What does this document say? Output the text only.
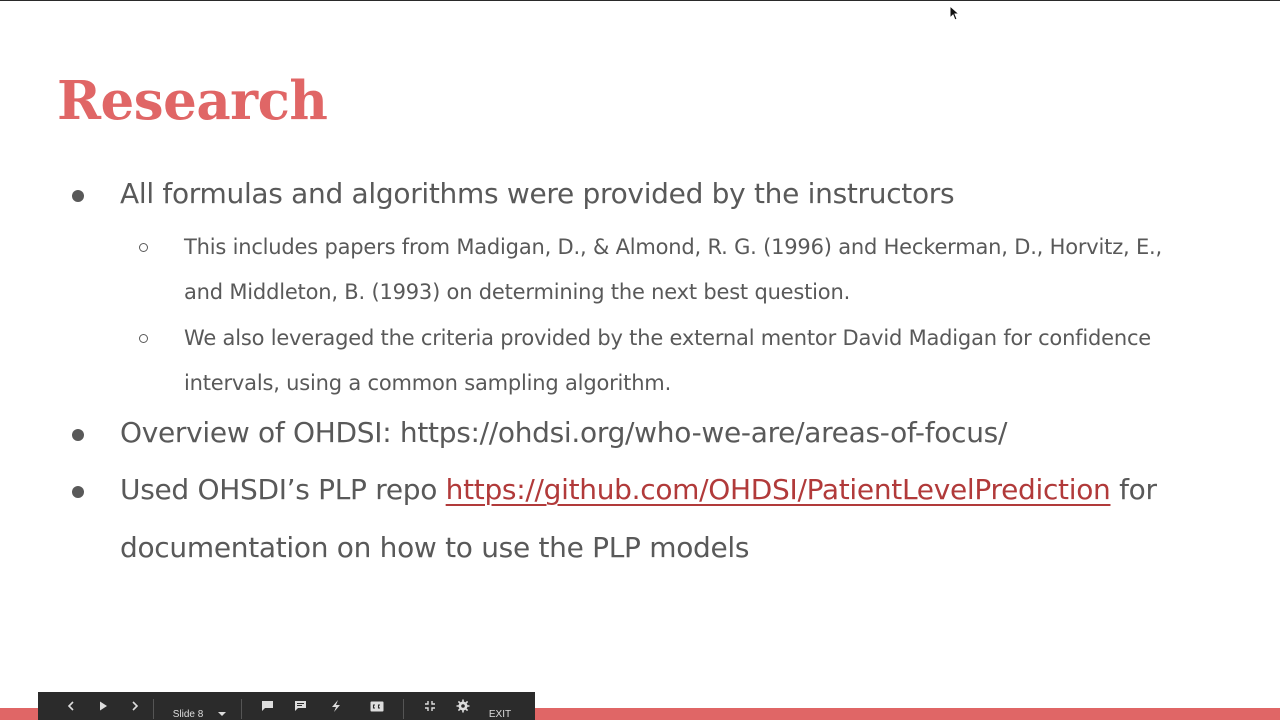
Research
All formulas and algorithms were provided by the instructors
This includes papers from Madigan, D., & Almond, R. G. (1996) and Heckerman, D., Horvitz, E.,
and Middleton, B. (1993) on determining the next best question.
We also leveraged the criteria provided by the external mentor David Madigan for confidence
intervals, using a common sampling algorithm.
Overview of OHDSI: https://ohdsi.org/who-we-are/areas-of-focus/
Used OHSDI’s PLP repo https://github.com/OHDSI/PatientLevelPrediction for
documentation on how to use the PLP models
Slide 8	EXIT
